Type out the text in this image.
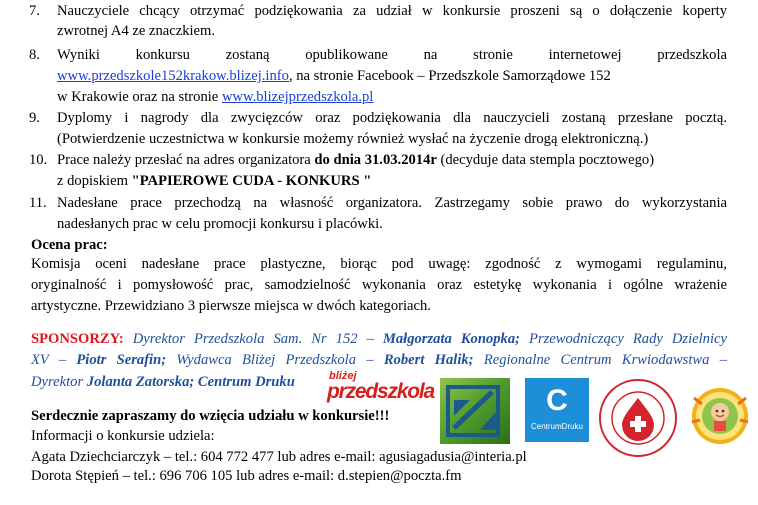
7. Nauczyciele chcący otrzymać podziękowania za udział w konkursie proszeni są o dołączenie koperty
zwrotnej A4 ze znaczkiem.
8. Wyniki konkursu zostaną opublikowane na stronie internetowej przedszkola
www.przedszkole152krakow.blizej.info, na stronie Facebook – Przedszkole Samorządowe 152
w Krakowie oraz na stronie www.blizejprzedszkola.pl
9. Dyplomy i nagrody dla zwycięzców oraz podziękowania dla nauczycieli zostaną przesłane pocztą.
(Potwierdzenie uczestnictwa w konkursie możemy również wysłać na życzenie drogą elektroniczną.)
10. Prace należy przesłać na adres organizatora do dnia 31.03.2014r (decyduje data stempla pocztowego)
z dopiskiem "PAPIEROWE CUDA - KONKURS "
11. Nadesłane prace przechodzą na własność organizatora. Zastrzegamy sobie prawo do wykorzystania
nadesłanych prac w celu promocji konkursu i placówki.
Ocena prac:
Komisja oceni nadesłane prace plastyczne, biorąc pod uwagę: zgodność z wymogami regulaminu,
oryginalność i pomysłowość prac, samodzielność wykonania oraz estetykę wykonania i ogólne wrażenie
artystyczne. Przewidziano 3 pierwsze miejsca w dwóch kategoriach.
SPONSORZY: Dyrektor Przedszkola Sam. Nr 152 – Małgorzata Konopka; Przewodniczący Rady Dzielnicy
XV – Piotr Serafin; Wydawca Bliżej Przedszkola – Robert Halik; Regionalne Centrum Krwiodawstwa –
Dyrektor Jolanta Zatorska; Centrum Druku	bliżej
przedszkola	C
CentrumDruku
Serdecznie zapraszamy do wzięcia udziału w konkursie!!!
Informacji o konkursie udziela:
Agata Dziechciarczyk – tel.: 604 772 477 lub adres e-mail: agusiagadusia@interia.pl
Dorota Stępień – tel.: 696 706 105 lub adres e-mail: d.stepien@poczta.fm
